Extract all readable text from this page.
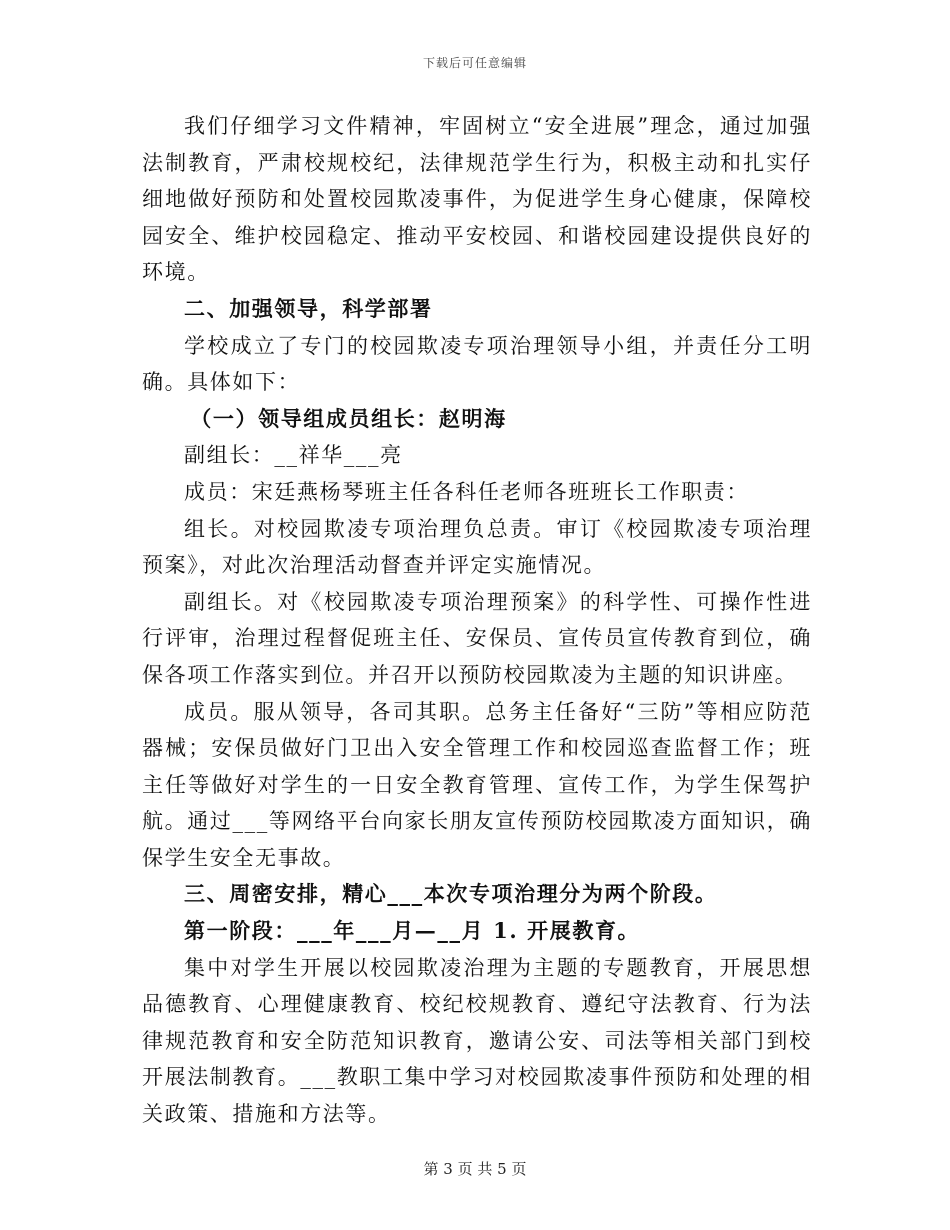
下载后可任意编辑

我们仔细学习文件精神，牢固树立“安全进展”理念，通过加强法制教育，严肃校规校纪，法律规范学生行为，积极主动和扎实仔细地做好预防和处置校园欺凌事件，为促进学生身心健康，保障校园安全、维护校园稳定、推动平安校园、和谐校园建设提供良好的环境。

二、加强领导，科学部署

学校成立了专门的校园欺凌专项治理领导小组，并责任分工明确。具体如下：

（一）领导组成员组长：赵明海

副组长：__祥华___亮

成员：宋廷燕杨琴班主任各科任老师各班班长工作职责：

组长。对校园欺凌专项治理负总责。审订《校园欺凌专项治理预案》，对此次治理活动督查并评定实施情况。

副组长。对《校园欺凌专项治理预案》的科学性、可操作性进行评审，治理过程督促班主任、安保员、宣传员宣传教育到位，确保各项工作落实到位。并召开以预防校园欺凌为主题的知识讲座。

成员。服从领导，各司其职。总务主任备好“三防”等相应防范器械；安保员做好门卫出入安全管理工作和校园巡查监督工作；班主任等做好对学生的一日安全教育管理、宣传工作，为学生保驾护航。通过___等网络平台向家长朋友宣传预防校园欺凌方面知识，确保学生安全无事故。

三、周密安排，精心___本次专项治理分为两个阶段。

第一阶段：___年___月—__月 1. 开展教育。

集中对学生开展以校园欺凌治理为主题的专题教育，开展思想品德教育、心理健康教育、校纪校规教育、遵纪守法教育、行为法律规范教育和安全防范知识教育，邀请公安、司法等相关部门到校开展法制教育。___教职工集中学习对校园欺凌事件预防和处理的相关政策、措施和方法等。

第 3 页 共 5 页
